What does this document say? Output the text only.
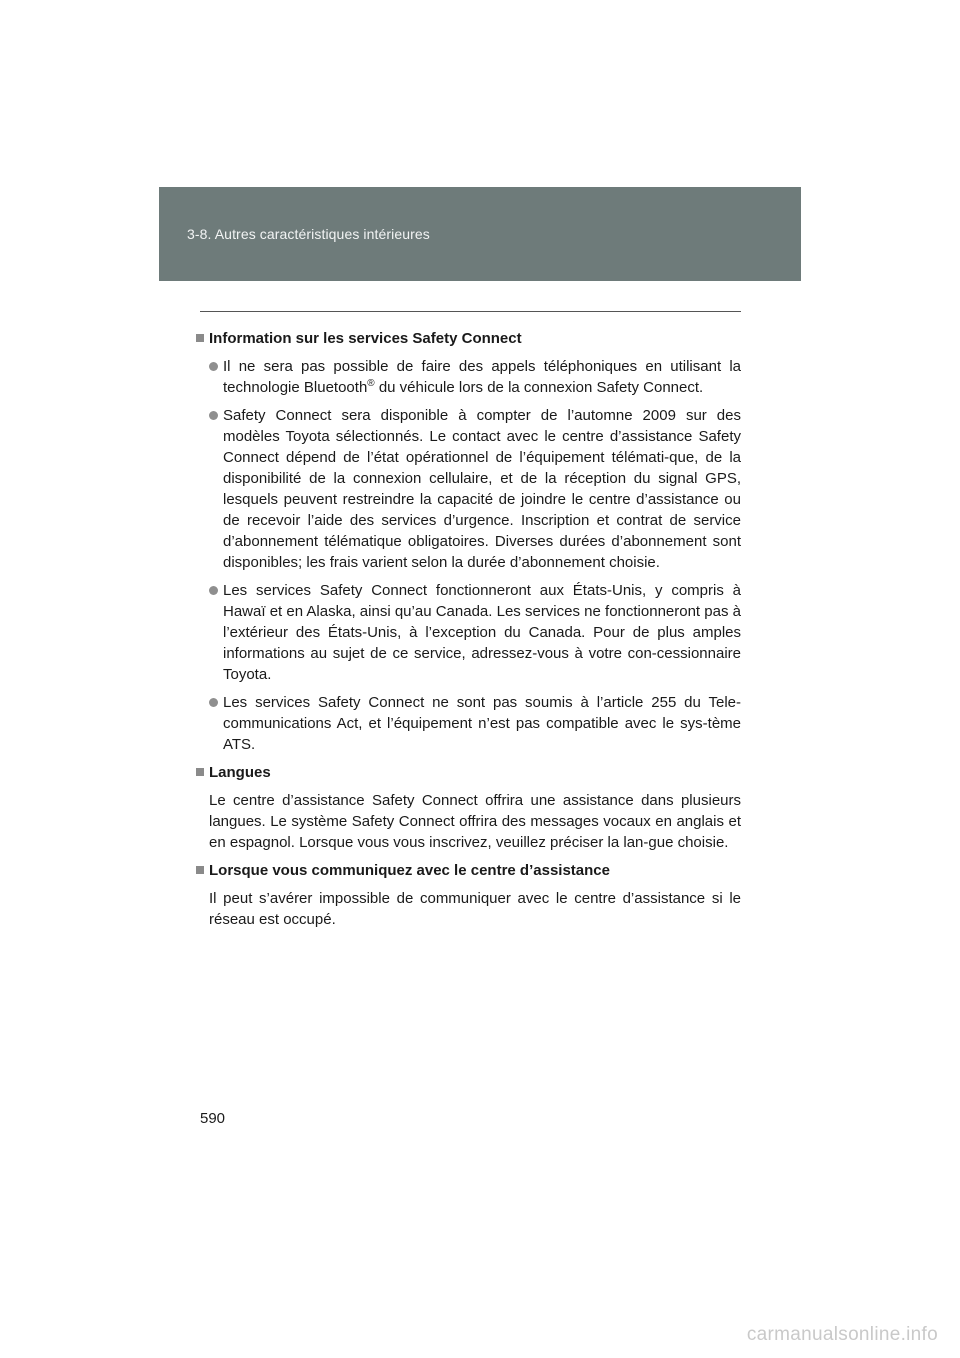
3-8. Autres caractéristiques intérieures
Information sur les services Safety Connect
Il ne sera pas possible de faire des appels téléphoniques en utilisant la technologie Bluetooth® du véhicule lors de la connexion Safety Connect.
Safety Connect sera disponible à compter de l’automne 2009 sur des modèles Toyota sélectionnés. Le contact avec le centre d’assistance Safety Connect dépend de l’état opérationnel de l’équipement télémati-que, de la disponibilité de la connexion cellulaire, et de la réception du signal GPS, lesquels peuvent restreindre la capacité de joindre le centre d’assistance ou de recevoir l’aide des services d’urgence. Inscription et contrat de service d’abonnement télématique obligatoires. Diverses durées d’abonnement sont disponibles; les frais varient selon la durée d’abonnement choisie.
Les services Safety Connect fonctionneront aux États-Unis, y compris à Hawaï et en Alaska, ainsi qu’au Canada. Les services ne fonctionneront pas à l’extérieur des États-Unis, à l’exception du Canada. Pour de plus amples informations au sujet de ce service, adressez-vous à votre con-cessionnaire Toyota.
Les services Safety Connect ne sont pas soumis à l’article 255 du Tele-communications Act, et l’équipement n’est pas compatible avec le sys-tème ATS.
Langues
Le centre d’assistance Safety Connect offrira une assistance dans plusieurs langues. Le système Safety Connect offrira des messages vocaux en anglais et en espagnol. Lorsque vous vous inscrivez, veuillez préciser la lan-gue choisie.
Lorsque vous communiquez avec le centre d’assistance
Il peut s’avérer impossible de communiquer avec le centre d’assistance si le réseau est occupé.
590
carmanualsonline.info
